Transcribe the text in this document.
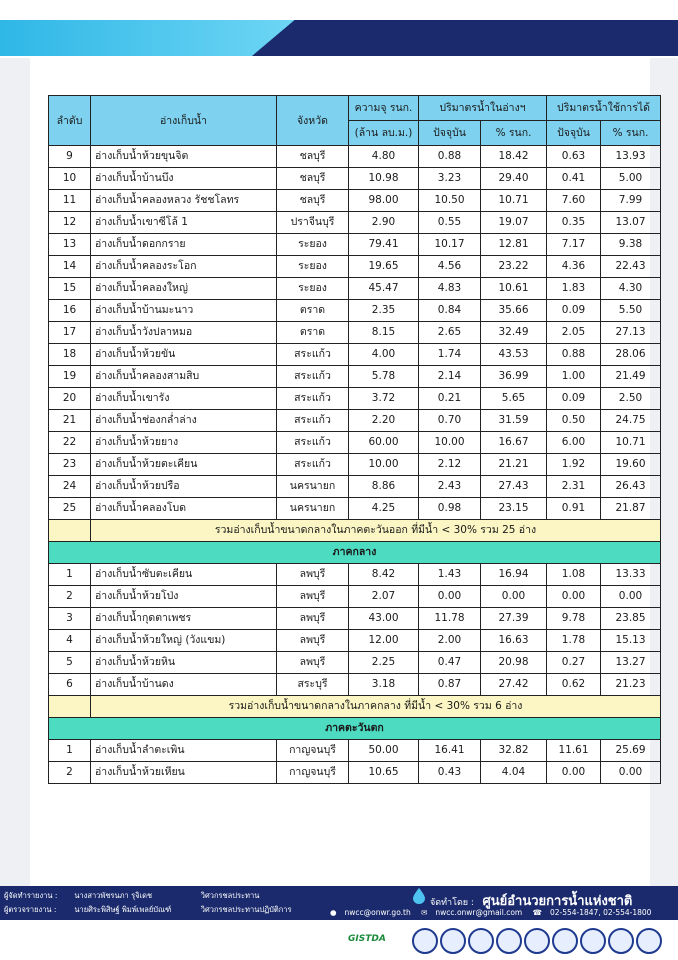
ลำดับ	อ่างเก็บน้ำ	จังหวัด	ความจุ รนก.	ปริมาตรน้ำในอ่างฯ		ปริมาตรน้ำใช้การได้	
			(ล้าน ลบ.ม.)	ปัจจุบัน	% รนก.	ปัจจุบัน	% รนก.
9	อ่างเก็บน้ำห้วยขุนจิต	ชลบุรี	4.80	0.88	18.42	0.63	13.93
10	อ่างเก็บน้ำบ้านบึง	ชลบุรี	10.98	3.23	29.40	0.41	5.00
11	อ่างเก็บน้ำคลองหลวง รัชชโลทร	ชลบุรี	98.00	10.50	10.71	7.60	7.99
12	อ่างเก็บน้ำเขาซีโล้ 1	ปราจีนบุรี	2.90	0.55	19.07	0.35	13.07
13	อ่างเก็บน้ำดอกกราย	ระยอง	79.41	10.17	12.81	7.17	9.38
14	อ่างเก็บน้ำคลองระโอก	ระยอง	19.65	4.56	23.22	4.36	22.43
15	อ่างเก็บน้ำคลองใหญ่	ระยอง	45.47	4.83	10.61	1.83	4.30
16	อ่างเก็บน้ำบ้านมะนาว	ตราด	2.35	0.84	35.66	0.09	5.50
17	อ่างเก็บน้ำวังปลาหมอ	ตราด	8.15	2.65	32.49	2.05	27.13
18	อ่างเก็บน้ำห้วยขัน	สระแก้ว	4.00	1.74	43.53	0.88	28.06
19	อ่างเก็บน้ำคลองสามสิบ	สระแก้ว	5.78	2.14	36.99	1.00	21.49
20	อ่างเก็บน้ำเขารัง	สระแก้ว	3.72	0.21	5.65	0.09	2.50
21	อ่างเก็บน้ำช่องกล่ำล่าง	สระแก้ว	2.20	0.70	31.59	0.50	24.75
22	อ่างเก็บน้ำห้วยยาง	สระแก้ว	60.00	10.00	16.67	6.00	10.71
23	อ่างเก็บน้ำห้วยตะเคียน	สระแก้ว	10.00	2.12	21.21	1.92	19.60
24	อ่างเก็บน้ำห้วยปรือ	นครนายก	8.86	2.43	27.43	2.31	26.43
25	อ่างเก็บน้ำคลองโบด	นครนายก	4.25	0.98	23.15	0.91	21.87
	รวมอ่างเก็บน้ำขนาดกลางในภาคตะวันออก ที่มีน้ำ < 30% รวม 25 อ่าง						
ภาคกลาง							
1	อ่างเก็บน้ำซับตะเคียน	ลพบุรี	8.42	1.43	16.94	1.08	13.33
2	อ่างเก็บน้ำห้วยโป่ง	ลพบุรี	2.07	0.00	0.00	0.00	0.00
3	อ่างเก็บน้ำกุดตาเพชร	ลพบุรี	43.00	11.78	27.39	9.78	23.85
4	อ่างเก็บน้ำห้วยใหญ่ (วังแขม)	ลพบุรี	12.00	2.00	16.63	1.78	15.13
5	อ่างเก็บน้ำห้วยหิน	ลพบุรี	2.25	0.47	20.98	0.27	13.27
6	อ่างเก็บน้ำบ้านดง	สระบุรี	3.18	0.87	27.42	0.62	21.23
	รวมอ่างเก็บน้ำขนาดกลางในภาคกลาง ที่มีน้ำ < 30% รวม 6 อ่าง						
ภาคตะวันตก							
1	อ่างเก็บน้ำลำตะเพิน	กาญจนบุรี	50.00	16.41	32.82	11.61	25.69
2	อ่างเก็บน้ำห้วยเหียน	กาญจนบุรี	10.65	0.43	4.04	0.00	0.00
ผู้จัดทำรายงาน : นางสาวพัชรนภา รุจิเดช	วิศวกรชลประทาน
ผู้ตรวจรายงาน : นายศิระพิสิษฐ์ พิมพ์เพลย์บัณฑ์	วิศวกรชลประทานปฏิบัติการ
จัดทำโดย : ศูนย์อำนวยการน้ำแห่งชาติ
● nwcc@onwr.go.th ✉ nwcc.onwr@gmail.com ☎ 02-554-1847, 02-554-1800
GISTDA
